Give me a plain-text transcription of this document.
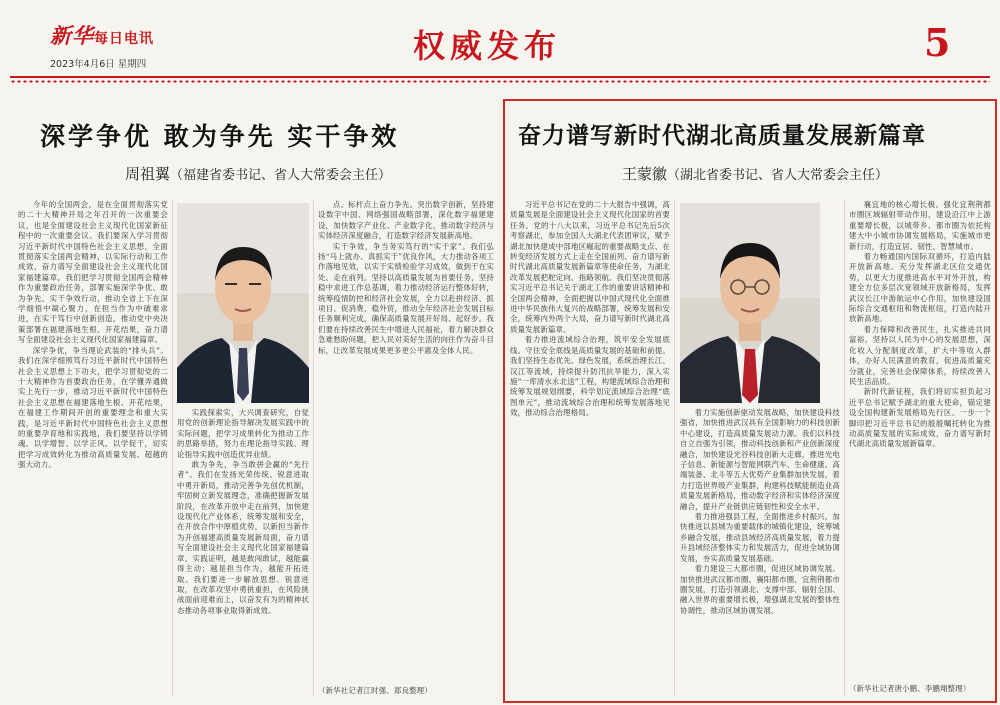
新华每日电讯
2023年4月6日 星期四	权威发布	5
深学争优 敢为争先 实干争效
周祖翼（福建省委书记、省人大常委会主任）

今年的全国两会，是在全面贯彻落实党的二十大精神开局之年召开的一次重要会议，也是全面建设社会主义现代化国家新征程中的一次重要会议。我们要深入学习贯彻习近平新时代中国特色社会主义思想，全面贯彻落实全国两会精神，以实际行动和工作成效，奋力谱写全面建设社会主义现代化国家福建篇章。我们把学习贯彻全国两会精神作为重要政治任务，部署实施深学争优、敢为争先、实干争效行动，推动全省上下在深学细悟中凝心聚力，在担当作为中破难求进，在实干笃行中创新创造，推动党中央决策部署在福建落地生根、开花结果，奋力谱写全面建设社会主义现代化国家福建篇章。

深学争优，争当理论武装的“排头兵”。我们在深学细照笃行习近平新时代中国特色社会主义思想上下功夫，把学习贯彻党的二十大精神作为首要政治任务，在学懂弄通做实上先行一步，推动习近平新时代中国特色社会主义思想在福建落地生根、开花结果，在福建工作期间开创的重要理念和重大实践，是习近平新时代中国特色社会主义思想的重要孕育地和实践地，我们要坚持以学铸魂、以学增智、以学正风、以学促干，切实把学习成效转化为推动高质量发展、超越的强大动力。

实践探索实，大兴调查研究，自觉用党的创新理论指导解决发展实践中的实际问题，把学习成果转化为推动工作的思路举措，努力在理论指导实践、理论指导实践中创造优异业绩。

敢为争先，争当敢拼会赢的“先行者”。我们在发扬光荣传统、锐意进取中勇开新局，推动完善争先创优机制，牢固树立新发展理念，准确把握新发展阶段，在改革开放中走在前列，加快建设现代化产业体系，统筹发展和安全，在开放合作中厚植优势，以新担当新作为开创福建高质量发展新局面，奋力谱写全面建设社会主义现代化国家福建篇章。实践证明，越是敢闯敢试，越能赢得主动；越是担当作为，越能开拓进取。我们要进一步解放思想、锐意进取，在改革攻坚中勇挑重担，在风险挑战面前迎难而上，以奋发有为的精神状态推动各项事业取得新成效。

点、标杆点上奋力争先。突出数字创新，坚持建设数字中国、网络强国战略部署，深化数字福建建设，加快数字产业化、产业数字化，推动数字经济与实体经济深度融合，打造数字经济发展新高地。

实干争效，争当务实笃行的“实干家”。我们弘扬“马上就办、真抓实干”优良作风，大力推动各项工作落地见效，以实干实绩检验学习成效，做到干在实处、走在前列。坚持以高质量发展为首要任务，坚持稳中求进工作总基调，着力推动经济运行整体好转，统筹疫情防控和经济社会发展，全力以赴拼经济、抓项目、促消费、稳外贸，推动全年经济社会发展目标任务顺利完成，确保高质量发展开好局、起好步。我们要在持续改善民生中增进人民福祉，着力解决群众急难愁盼问题，把人民对美好生活的向往作为奋斗目标，让改革发展成果更多更公平惠及全体人民。

（新华社记者江时强、郑良整理）

奋力谱写新时代湖北高质量发展新篇章
王蒙徽（湖北省委书记、省人大常委会主任）

习近平总书记在党的二十大报告中强调，高质量发展是全面建设社会主义现代化国家的首要任务。党的十八大以来，习近平总书记先后5次考察湖北，参加全国人大湖北代表团审议，赋予湖北加快建成中部地区崛起的重要战略支点、在转变经济发展方式上走在全国前列、奋力谱写新时代湖北高质量发展新篇章等使命任务，为湖北改革发展把舵定向、指路领航。我们坚决贯彻落实习近平总书记关于湖北工作的重要讲话精神和全国两会精神，全面把握以中国式现代化全面推进中华民族伟大复兴的战略部署，统筹发展和安全，统筹内外两个大局，奋力谱写新时代湖北高质量发展新篇章。

着力推进流域综合治理，筑牢安全发展底线。守住安全底线是高质量发展的基础和前提。我们坚持生态优先、绿色发展，系统治理长江、汉江等流域，持续提升防汛抗旱能力，深入实施“一库清水永北送”工程，构建流域综合治理和统筹发展规划纲要，科学划定流域综合治理“底图单元”，推动流域综合治理和统筹发展落地见效，推动综合治理格局。	着力实施创新驱动发展战略，加快建设科技强省，加快推进武汉具有全国影响力的科技创新中心建设，打造高质量发展动力源。我们以科技自立自强为引领，推动科技创新和产业创新深度融合，加快建设光谷科技创新大走廊，推进光电子信息、新能源与智能网联汽车、生命健康、高端装备、北斗等五大优势产业集群加快发展，着力打造世界级产业集群，构建科技赋能制造业高质量发展新格局，推动数字经济和实体经济深度融合，提升产业链供应链韧性和安全水平。

着力推进强县工程，全面推进乡村振兴。加快推进以县城为重要载体的城镇化建设，统筹城乡融合发展，推动县域经济高质量发展，着力提升县域经济整体实力和发展活力，促进全域协调发展，夯实高质量发展基础。

着力建设三大都市圈，促进区域协调发展。加快推进武汉都市圈、襄阳都市圈、宜荆荆都市圈发展，打造引领湖北、支撑中部、辐射全国、融入世界的重要增长极，增强湖北发展的整体性协调性，推动区域协调发展。

襄宜地的核心增长极。强化宜荆荆都市圈区域辐射带动作用，建设沿江中上游重要增长极，以城带乡、都市圈为依托构建大中小城市协调发展格局，实施城市更新行动，打造宜居、韧性、智慧城市。

着力畅通国内国际双循环，打造内陆开放新高地。充分发挥湖北区位交通优势，以更大力度推进高水平对外开放，构建全方位多层次宽领域开放新格局，发挥武汉长江中游航运中心作用，加快建设国际综合交通枢纽和物流枢纽，打造内陆开放新高地。

着力保障和改善民生，扎实推进共同富裕。坚持以人民为中心的发展思想，深化收入分配制度改革，扩大中等收入群体，办好人民满意的教育，促进高质量充分就业，完善社会保障体系，持续改善人民生活品质。

新时代新征程，我们将切实担负起习近平总书记赋予湖北的重大使命，锚定建设全国构建新发展格局先行区、一步一个脚印把习近平总书记的殷殷嘱托转化为推动高质量发展的实际成效，奋力谱写新时代湖北高质量发展新篇章。

（新华社记者唐小鹏、李鹏翔整理）
